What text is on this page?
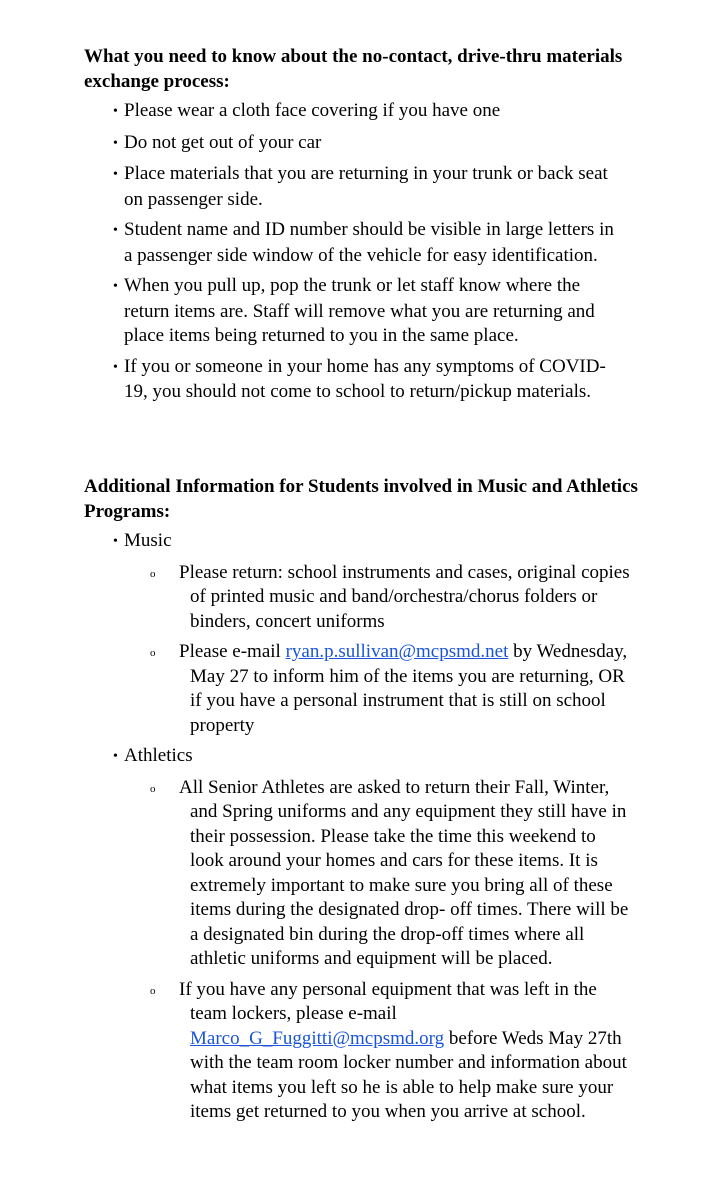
What you need to know about the no-contact, drive-thru materials exchange process:

• Please wear a cloth face covering if you have one
• Do not get out of your car
• Place materials that you are returning in your trunk or back seat on passenger side.
• Student name and ID number should be visible in large letters in a passenger side window of the vehicle for easy identification.
• When you pull up, pop the trunk or let staff know where the return items are. Staff will remove what you are returning and place items being returned to you in the same place.
• If you or someone in your home has any symptoms of COVID-19, you should not come to school to return/pickup materials.

Additional Information for Students involved in Music and Athletics Programs:

• Music
o	Please return: school instruments and cases, original copies of printed music and band/orchestra/chorus folders or binders, concert uniforms
o	Please e-mail ryan.p.sullivan@mcpsmd.net by Wednesday, May 27 to inform him of the items you are returning, OR if you have a personal instrument that is still on school property
• Athletics
o	All Senior Athletes are asked to return their Fall, Winter, and Spring uniforms and any equipment they still have in their possession. Please take the time this weekend to look around your homes and cars for these items. It is extremely important to make sure you bring all of these items during the designated drop- off times. There will be a designated bin during the drop-off times where all athletic uniforms and equipment will be placed.
o	If you have any personal equipment that was left in the team lockers, please e-mail Marco_G_Fuggitti@mcpsmd.org before Weds May 27th with the team room locker number and information about what items you left so he is able to help make sure your items get returned to you when you arrive at school.
